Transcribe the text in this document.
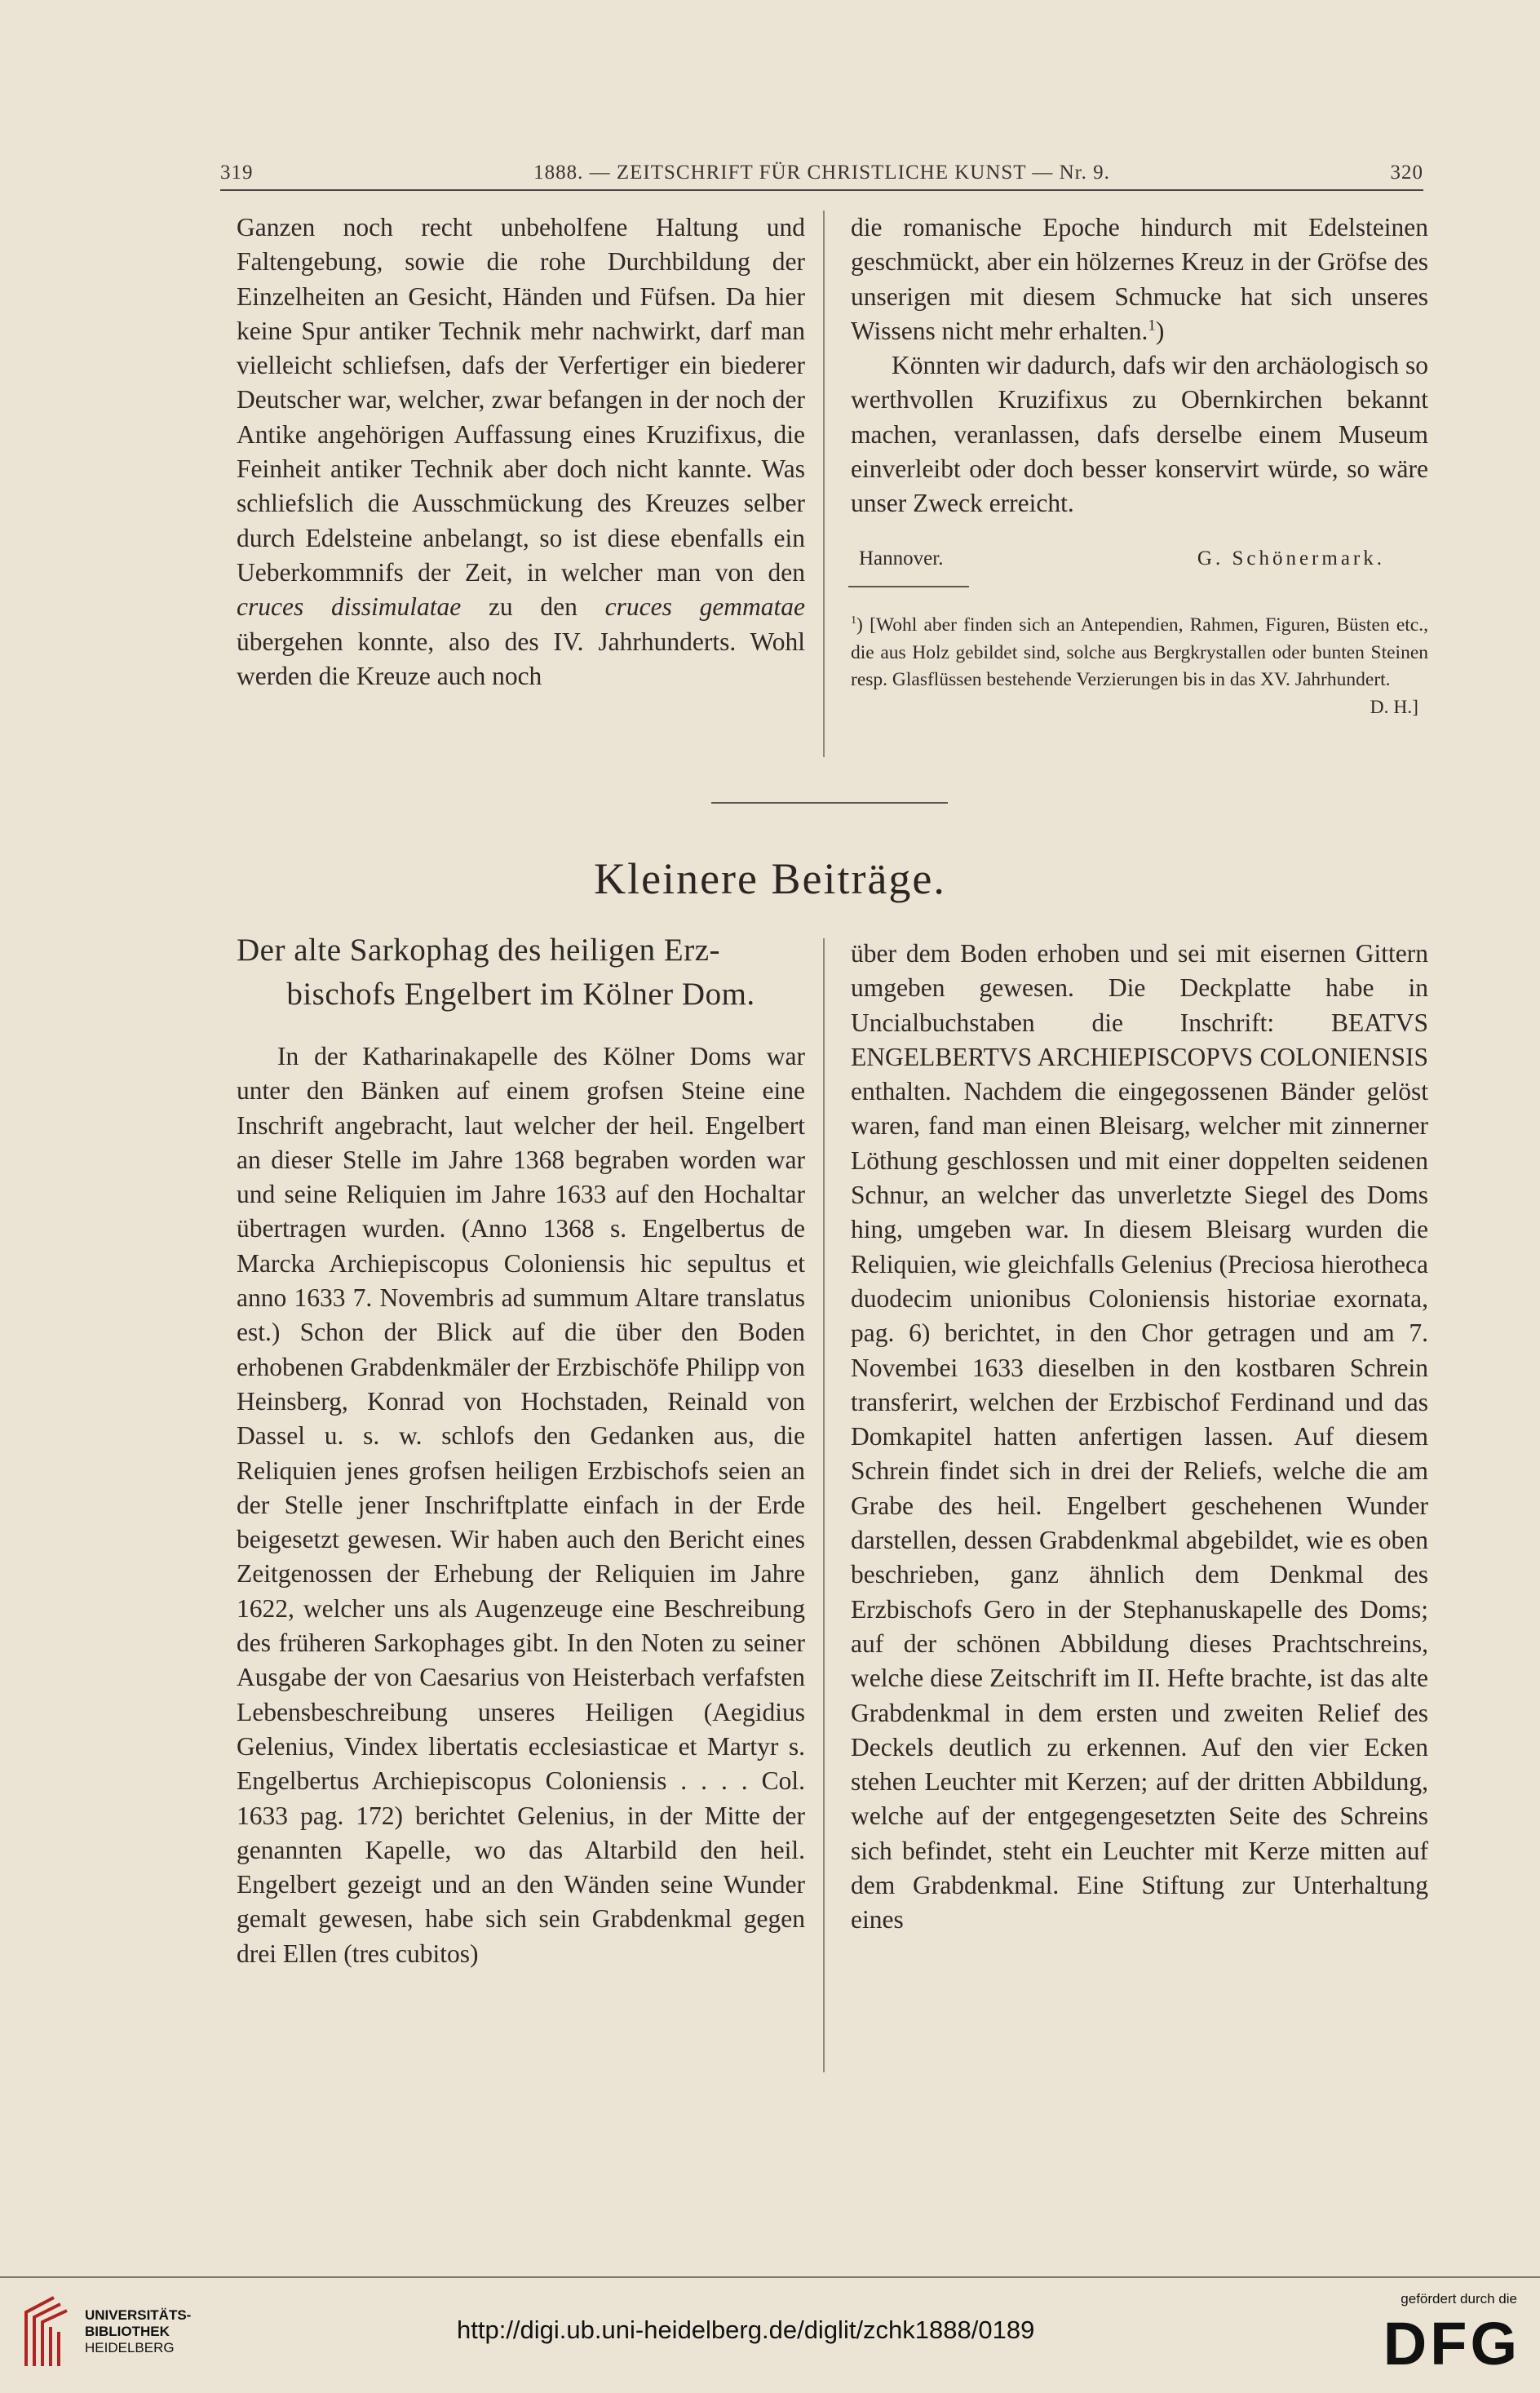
319	1888. — ZEITSCHRIFT FÜR CHRISTLICHE KUNST — Nr. 9.	320

Ganzen noch recht unbeholfene Haltung und Faltengebung, sowie die rohe Durchbildung der Einzelheiten an Gesicht, Händen und Füfsen. Da hier keine Spur antiker Technik mehr nachwirkt, darf man vielleicht schliefsen, dafs der Verfertiger ein biederer Deutscher war, welcher, zwar befangen in der noch der Antike angehörigen Auffassung eines Kruzifixus, die Feinheit antiker Technik aber doch nicht kannte. Was schliefslich die Ausschmückung des Kreuzes selber durch Edelsteine anbelangt, so ist diese ebenfalls ein Ueberkommnifs der Zeit, in welcher man von den cruces dissimulatae zu den cruces gemmatae übergehen konnte, also des IV. Jahrhunderts. Wohl werden die Kreuze auch noch

die romanische Epoche hindurch mit Edelsteinen geschmückt, aber ein hölzernes Kreuz in der Gröfse des unserigen mit diesem Schmucke hat sich unseres Wissens nicht mehr erhalten.$^1$)

Könnten wir dadurch, dafs wir den archäologisch so werthvollen Kruzifixus zu Obernkirchen bekannt machen, veranlassen, dafs derselbe einem Museum einverleibt oder doch besser konservirt würde, so wäre unser Zweck erreicht.

Hannover.	G. Schönermark.

$^1$) [Wohl aber finden sich an Antependien, Rahmen, Figuren, Büsten etc., die aus Holz gebildet sind, solche aus Bergkrystallen oder bunten Steinen resp. Glasflüssen bestehende Verzierungen bis in das XV. Jahrhundert.

D. H.]

Kleinere Beiträge.

Der alte Sarkophag des heiligen Erz-

bischofs Engelbert im Kölner Dom.

In der Katharinakapelle des Kölner Doms war unter den Bänken auf einem grofsen Steine eine Inschrift angebracht, laut welcher der heil. Engelbert an dieser Stelle im Jahre 1368 begraben worden war und seine Reliquien im Jahre 1633 auf den Hochaltar übertragen wurden. (Anno 1368 s. Engelbertus de Marcka Archiepiscopus Coloniensis hic sepultus et anno 1633 7. Novembris ad summum Altare translatus est.) Schon der Blick auf die über den Boden erhobenen Grabdenkmäler der Erzbischöfe Philipp von Heinsberg, Konrad von Hochstaden, Reinald von Dassel u. s. w. schlofs den Gedanken aus, die Reliquien jenes grofsen heiligen Erzbischofs seien an der Stelle jener Inschriftplatte einfach in der Erde beigesetzt gewesen. Wir haben auch den Bericht eines Zeitgenossen der Erhebung der Reliquien im Jahre 1622, welcher uns als Augenzeuge eine Beschreibung des früheren Sarkophages gibt. In den Noten zu seiner Ausgabe der von Caesarius von Heisterbach verfafsten Lebensbeschreibung unseres Heiligen (Aegidius Gelenius, Vindex libertatis ecclesiasticae et Martyr s. Engelbertus Archiepiscopus Coloniensis . . . . Col. 1633 pag. 172) berichtet Gelenius, in der Mitte der genannten Kapelle, wo das Altarbild den heil. Engelbert gezeigt und an den Wänden seine Wunder gemalt gewesen, habe sich sein Grabdenkmal gegen drei Ellen (tres cubitos)

über dem Boden erhoben und sei mit eisernen Gittern umgeben gewesen. Die Deckplatte habe in Uncialbuchstaben die Inschrift: BEATVS ENGELBERTVS ARCHIEPISCOPVS COLONIENSIS enthalten. Nachdem die eingegossenen Bänder gelöst waren, fand man einen Bleisarg, welcher mit zinnerner Löthung geschlossen und mit einer doppelten seidenen Schnur, an welcher das unverletzte Siegel des Doms hing, umgeben war. In diesem Bleisarg wurden die Reliquien, wie gleichfalls Gelenius (Preciosa hierotheca duodecim unionibus Coloniensis historiae exornata, pag. 6) berichtet, in den Chor getragen und am 7. Novembei 1633 dieselben in den kostbaren Schrein transferirt, welchen der Erzbischof Ferdinand und das Domkapitel hatten anfertigen lassen. Auf diesem Schrein findet sich in drei der Reliefs, welche die am Grabe des heil. Engelbert geschehenen Wunder darstellen, dessen Grabdenkmal abgebildet, wie es oben beschrieben, ganz ähnlich dem Denkmal des Erzbischofs Gero in der Stephanuskapelle des Doms; auf der schönen Abbildung dieses Prachtschreins, welche diese Zeitschrift im II. Hefte brachte, ist das alte Grabdenkmal in dem ersten und zweiten Relief des Deckels deutlich zu erkennen. Auf den vier Ecken stehen Leuchter mit Kerzen; auf der dritten Abbildung, welche auf der entgegengesetzten Seite des Schreins sich befindet, steht ein Leuchter mit Kerze mitten auf dem Grabdenkmal. Eine Stiftung zur Unterhaltung eines

UNIVERSITÄTS-
BIBLIOTHEK
HEIDELBERG
http://digi.ub.uni-heidelberg.de/diglit/zchk1888/0189
gefördert durch die
DFG
